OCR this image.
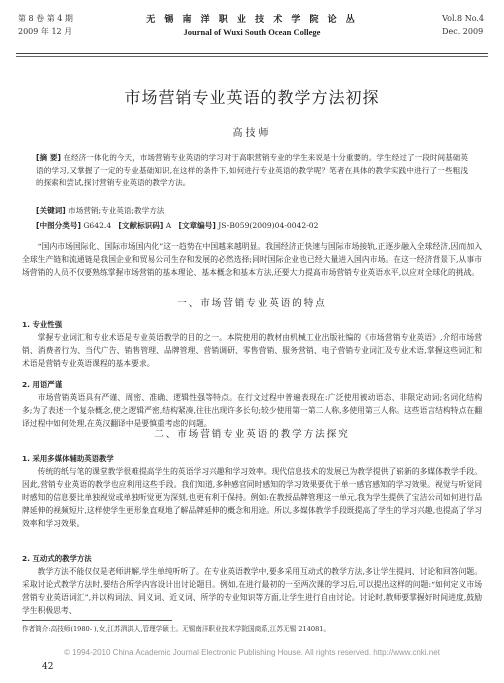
第 8 卷 第 4 期
2009 年 12 月
无 锡 南 洋 职 业 技 术 学 院 论 丛
Journal of Wuxi South Ocean College
Vol.8 No.4
Dec. 2009
市场营销专业英语的教学方法初探
高技师
[摘 要] 在经济一体化的今天，市场营销专业英语的学习对于高职营销专业的学生来说是十分重要的。学生经过了一段时间基础英语的学习,又掌握了一定的专业基础知识,在这样的条件下,如何进行专业英语的教学呢？笔者在具体的教学实践中进行了一些粗浅的探索和尝试,探讨营销专业英语的教学方法。
[关键词] 市场营销;专业英语;教学方法
[中图分类号] G642.4 [文献标识码] A [文章编号] JS-B059(2009)04-0042-02
“国内市场国际化、国际市场国内化”这一趋势在中国越来越明显。我国经济正快速与国际市场接轨,正逐步融入全球经济,因而加入全球生产链和流通链是我国企业和贸易公司生存和发展的必然选择;同时国际企业也已经大量进入国内市场。在这一经济背景下,从事市场营销的人员不仅要熟练掌握市场营销的基本理论、基本概念和基本方法,还要大力提高市场营销专业英语水平,以应对全球化的挑战。
一、市场营销专业英语的特点
1. 专业性强
掌握专业词汇和专业术语是专业英语教学的目的之一。本院使用的教材由机械工业出版社编的《市场营销专业英语》,介绍市场营销、消费者行为、当代广告、销售管理、品牌管理、营销调研、零售营销、服务营销、电子营销专业词汇及专业术语,掌握这些词汇和术语是营销专业英语课程的基本要求。
2. 用语严谨
市场营销英语具有严谨、周密、准确、逻辑性强等特点。在行文过程中普遍表现在:广泛使用被动语态、非限定动词;名词化结构多;为了表述一个复杂概念,使之逻辑严密,结构紧凑,往往出现许多长句;较少使用第一第二人称,多使用第三人称。这些语言结构特点在翻译过程中如何处理,在英汉翻译中是要慎重考虑的问题。
二、市场营销专业英语的教学方法探究
1. 采用多媒体辅助英语教学
传统的纸与笔的课堂教学很难提高学生的英语学习兴趣和学习效率。现代信息技术的发展已为教学提供了崭新的多媒体教学手段。因此,营销专业英语的教学也应利用这些手段。我们知道,多种感官同时感知的学习效果要优于单一感官感知的学习效果。视觉与听觉同时感知的信息要比单独视觉或单独听觉更为深刻,也更有利于保持。例如:在教授品牌管理这一单元,我为学生提供了宝洁公司如何进行品牌延伸的视频短片,这样使学生更形象直观地了解品牌延伸的概念和用途。所以,多媒体教学手段既提高了学生的学习兴趣,也提高了学习效率和学习效果。
2. 互动式的教学方法
教学方法不能仅仅是老师讲解,学生单纯听听了。在专业英语教学中,要多采用互动式的教学方法,多让学生提问、讨论和回答问题。采取讨论式教学方法时,要结合所学内容设计出讨论题目。例如,在进行最初的一至两次课的学习后,可以提出这样的问题:“如何定义市场营销专业英语词汇”,并以构词法、同义词、近义词、所学的专业知识等方面,让学生进行自由讨论。讨论时,教师要掌握好时间进度,鼓励学生积极思考、
作者简介:高技师(1980- ),女,江苏泗洪人,管理学硕士。无锡南洋职业技术学院国商系,江苏无锡 214081。
© 1994-2010 China Academic Journal Electronic Publishing House. All rights reserved. http://www.cnki.net
42
